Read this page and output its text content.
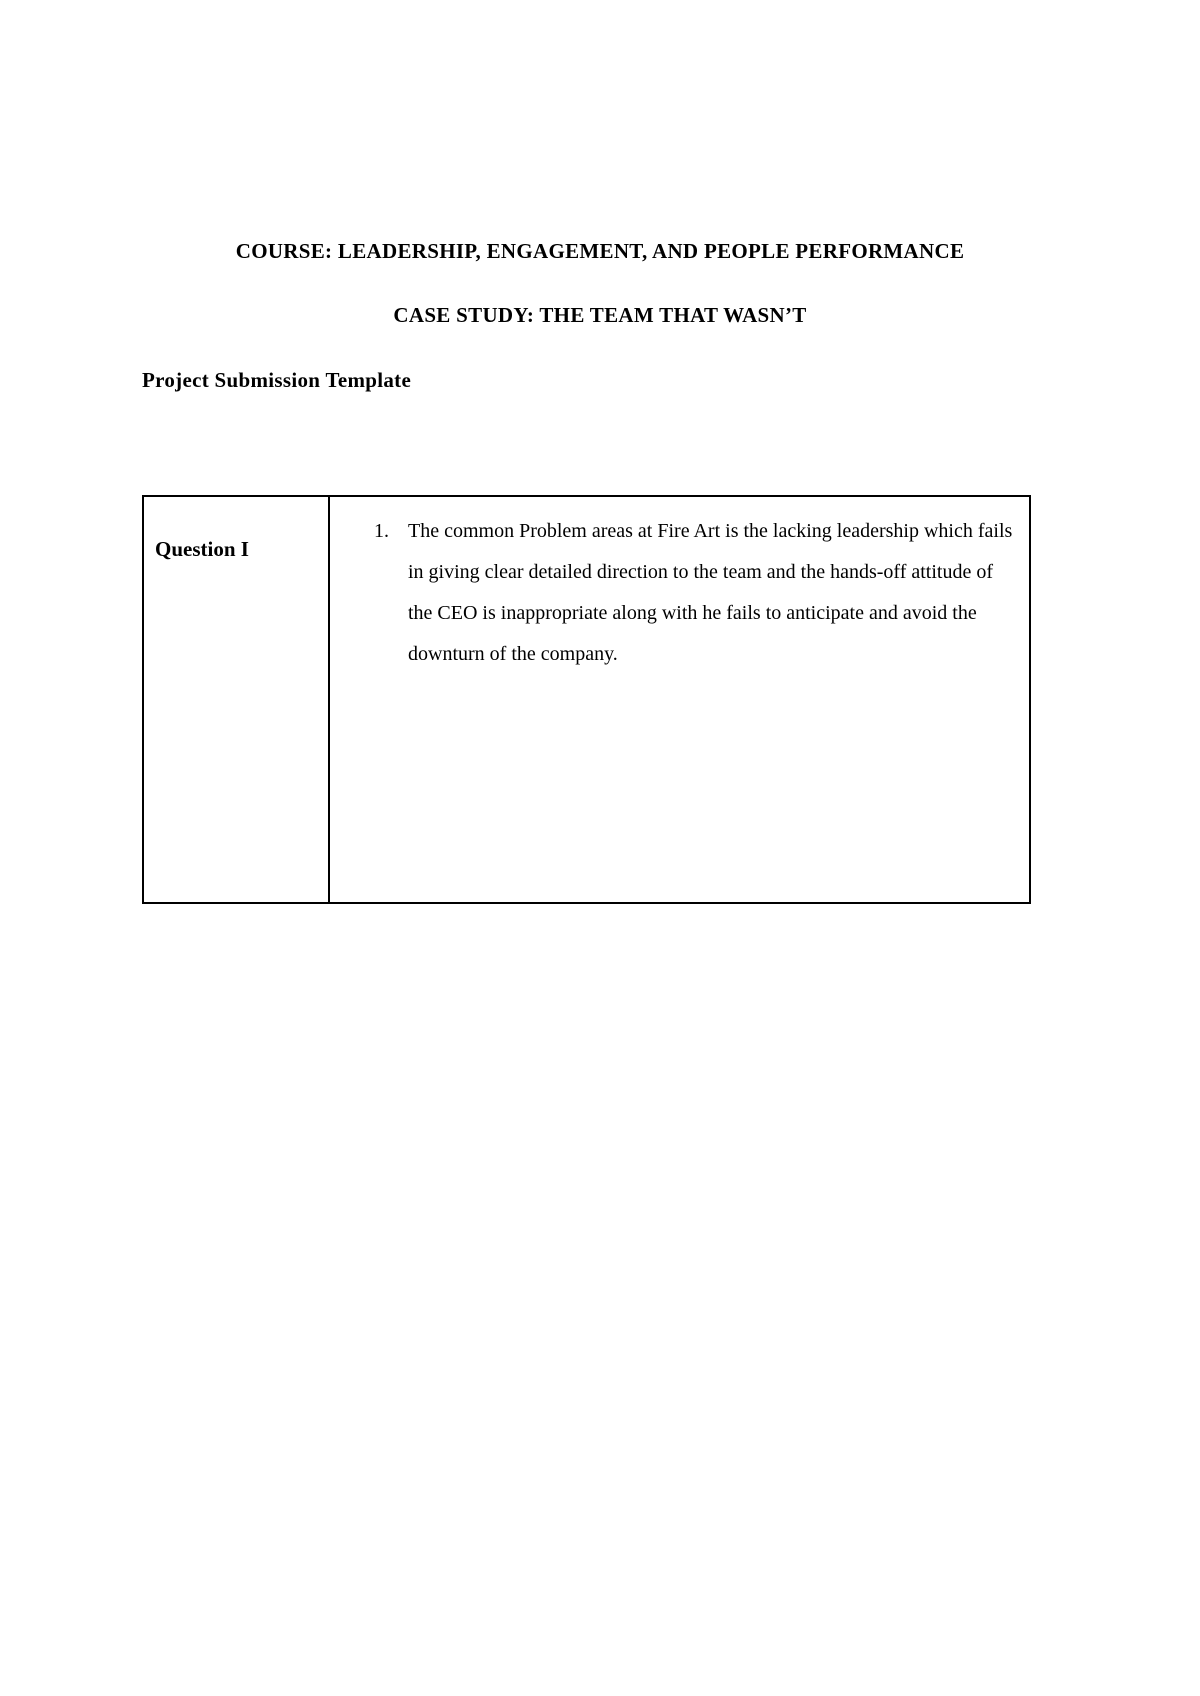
COURSE: LEADERSHIP, ENGAGEMENT, AND PEOPLE PERFORMANCE
CASE STUDY: THE TEAM THAT WASN’T
Project Submission Template
Question I
1. The common Problem areas at Fire Art is the lacking leadership which fails in giving clear detailed direction to the team and the hands-off attitude of the CEO is inappropriate along with he fails to anticipate and avoid the downturn of the company.
